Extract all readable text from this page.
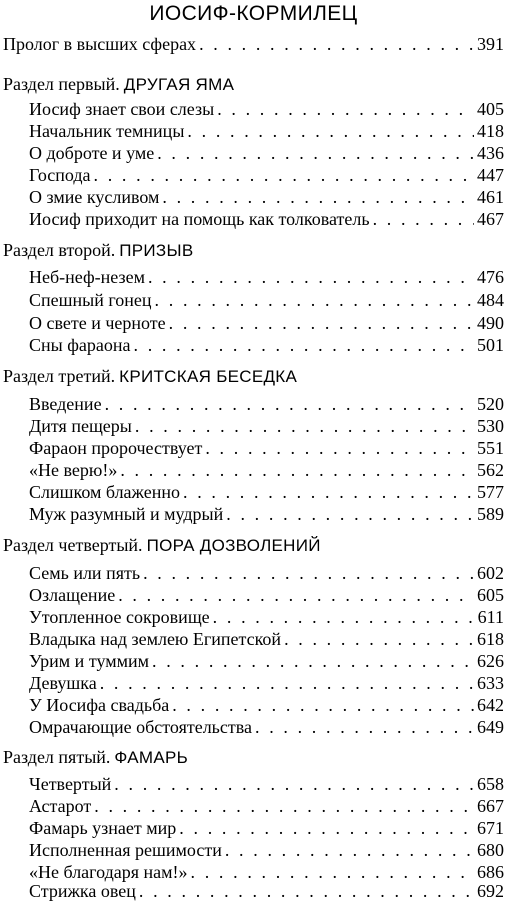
ИОСИФ-КОРМИЛЕЦ
Пролог в высших сферах . . .	391
Раздел первый. ДРУГАЯ ЯМА
Иосиф знает свои слезы . . .	405
Начальник темницы . . .	418
О доброте и уме . . .	436
Господа . . .	447
О змие кусливом . . .	461
Иосиф приходит на помощь как толкователь . . .	467
Раздел второй. ПРИЗЫВ
Неб-неф-незем . . .	476
Спешный гонец . . .	484
О свете и черноте . . .	490
Сны фараона . . .	501
Раздел третий. КРИТСКАЯ БЕСЕДКА
Введение . . .	520
Дитя пещеры . . .	530
Фараон пророчествует . . .	551
«Не верю!» . . .	562
Слишком блаженно . . .	577
Муж разумный и мудрый . . .	589
Раздел четвертый. ПОРА ДОЗВОЛЕНИЙ
Семь или пять . . .	602
Озлащение . . .	605
Утопленное сокровище . . .	611
Владыка над землею Египетской . . .	618
Урим и туммим . . .	626
Девушка . . .	633
У Иосифа свадьба . . .	642
Омрачающие обстоятельства . . .	649
Раздел пятый. ФАМАРЬ
Четвертый . . .	658
Астарот . . .	667
Фамарь узнает мир . . .	671
Исполненная решимости . . .	680
«Не благодаря нам!» . . .	686
Стрижка овец . . .	692
